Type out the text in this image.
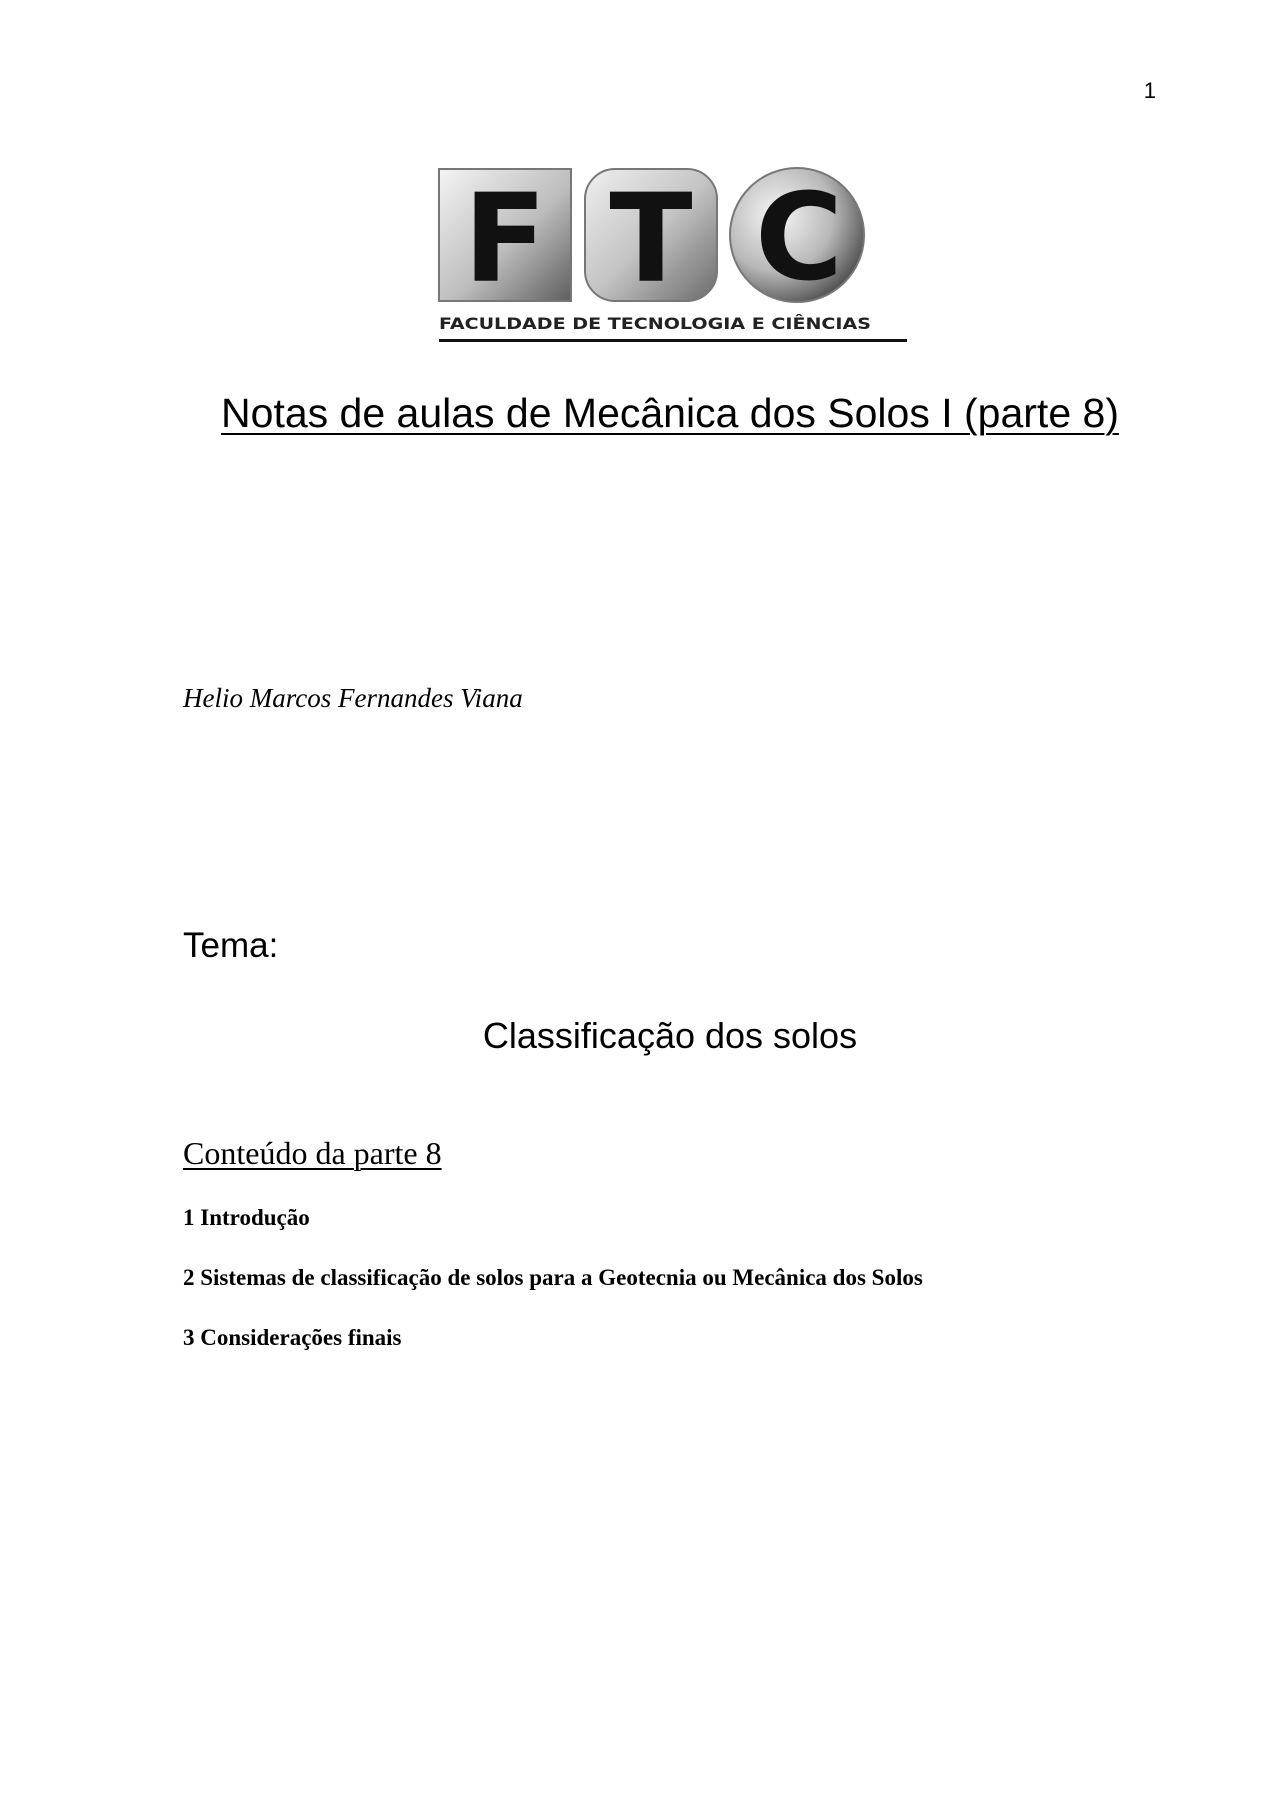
1
F T C
FACULDADE DE TECNOLOGIA E CIÊNCIAS
Notas de aulas de Mecânica dos Solos I (parte 8)
Helio Marcos Fernandes Viana
Tema:
Classificação dos solos
Conteúdo da parte 8
1 Introdução
2 Sistemas de classificação de solos para a Geotecnia ou Mecânica dos Solos
3 Considerações finais
